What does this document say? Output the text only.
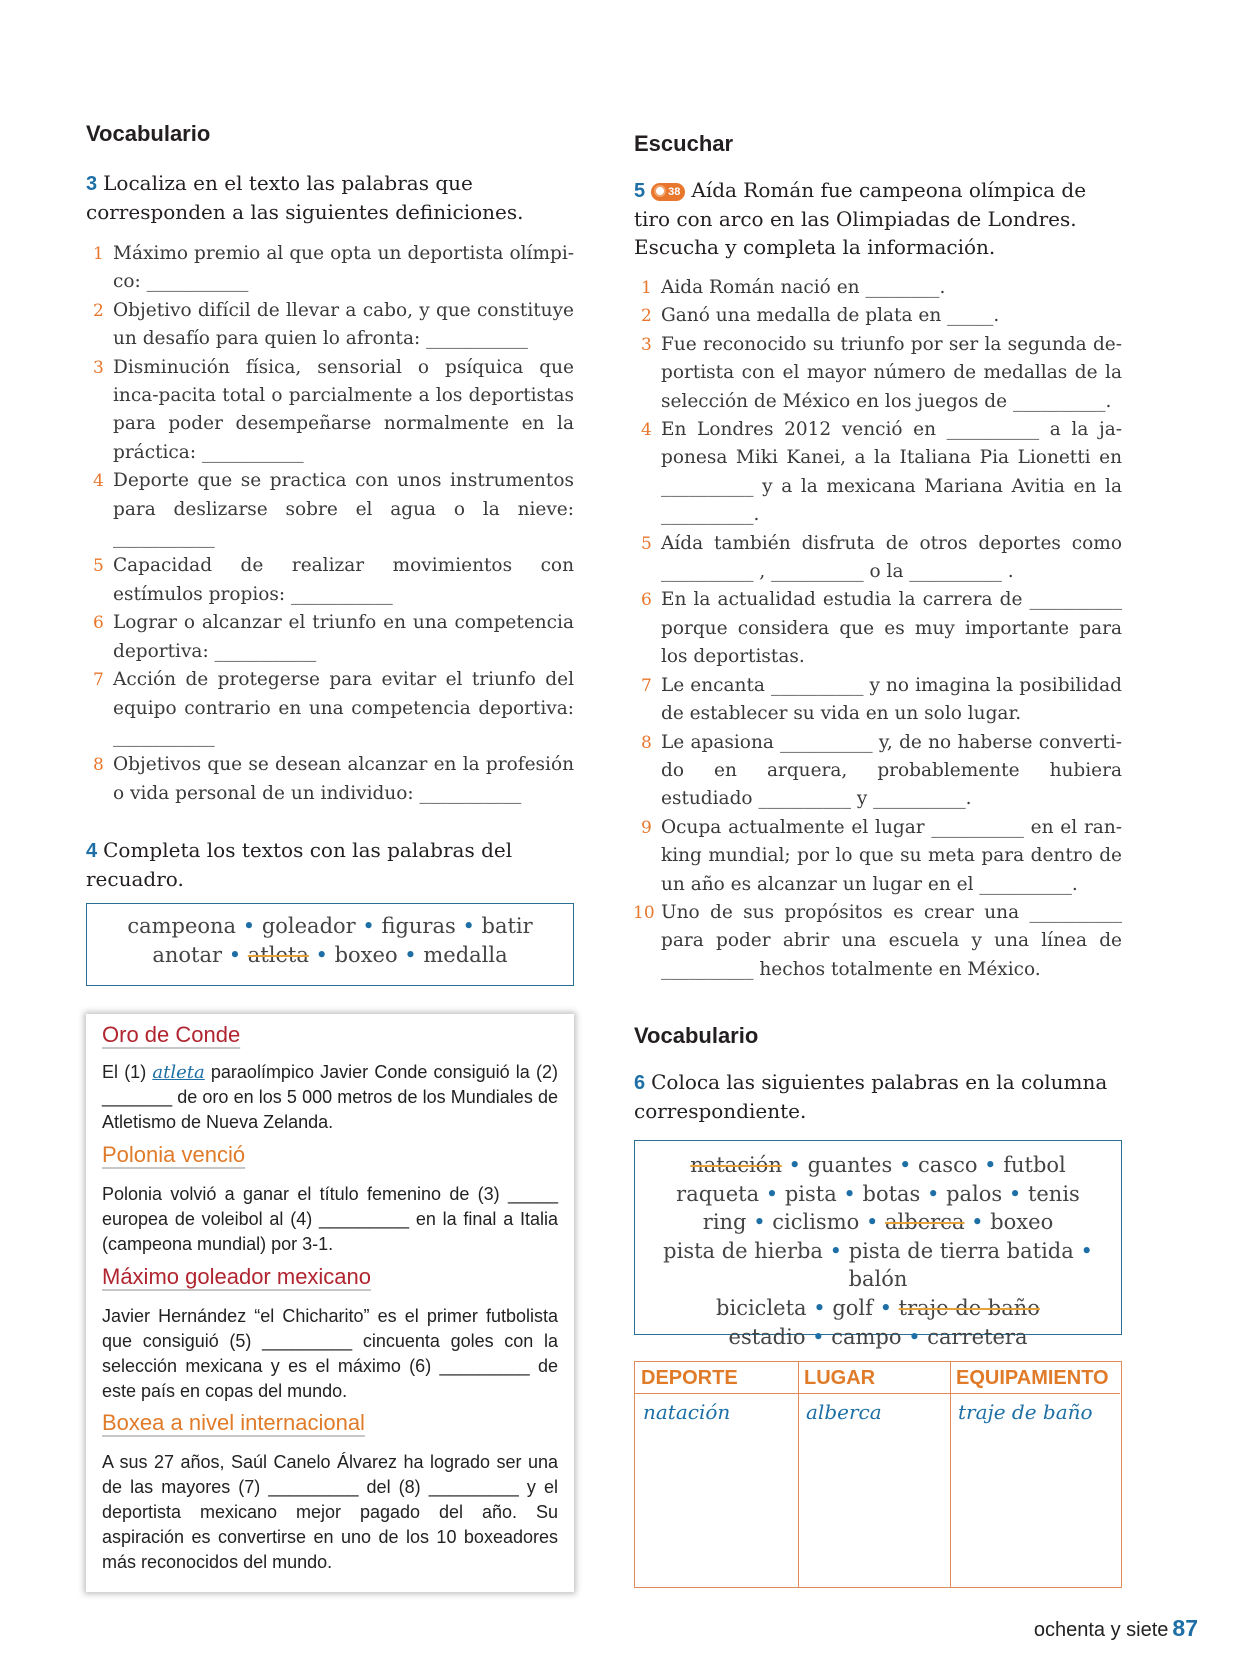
Vocabulario

3 Localiza en el texto las palabras que corresponden a las siguientes definiciones.

1 Máximo premio al que opta un deportista olímpi-co: ___________
2 Objetivo difícil de llevar a cabo, y que constituye un desafío para quien lo afronta: ___________
3 Disminución física, sensorial o psíquica que inca-pacita total o parcialmente a los deportistas para poder desempeñarse normalmente en la práctica: ___________
4 Deporte que se practica con unos instrumentos para deslizarse sobre el agua o la nieve: ___________
5 Capacidad de realizar movimientos con estímulos propios: ___________
6 Lograr o alcanzar el triunfo en una competencia deportiva: ___________
7 Acción de protegerse para evitar el triunfo del equipo contrario en una competencia deportiva: ___________
8 Objetivos que se desean alcanzar en la profesión o vida personal de un individuo: ___________

4 Completa los textos con las palabras del recuadro.

campeona • goleador • figuras • batir
anotar • atleta • boxeo • medalla
Oro de Conde

El (1) atleta paraolímpico Javier Conde consiguió la (2) _______ de oro en los 5 000 metros de los Mundiales de Atletismo de Nueva Zelanda.

Polonia venció

Polonia volvió a ganar el título femenino de (3) _____ europea de voleibol al (4) _________ en la final a Italia (campeona mundial) por 3-1.

Máximo goleador mexicano

Javier Hernández “el Chicharito” es el primer futbolista que consiguió (5) _________ cincuenta goles con la selección mexicana y es el máximo (6) _________ de este país en copas del mundo.

Boxea a nivel internacional

A sus 27 años, Saúl Canelo Álvarez ha logrado ser una de las mayores (7) _________ del (8) _________ y el deportista mexicano mejor pagado del año. Su aspiración es convertirse en uno de los 10 boxeadores más reconocidos del mundo.

Escuchar

5 38 Aída Román fue campeona olímpica de tiro con arco en las Olimpiadas de Londres. Escucha y completa la información.

1 Aida Román nació en ________.
2 Ganó una medalla de plata en _____.
3 Fue reconocido su triunfo por ser la segunda de-portista con el mayor número de medallas de la selección de México en los juegos de __________.
4 En Londres 2012 venció en __________ a la ja-ponesa Miki Kanei, a la Italiana Pia Lionetti en __________ y a la mexicana Mariana Avitia en la __________.
5 Aída también disfruta de otros deportes como __________ , __________ o la __________ .
6 En la actualidad estudia la carrera de __________ porque considera que es muy importante para los deportistas.
7 Le encanta __________ y no imagina la posibilidad de establecer su vida en un solo lugar.
8 Le apasiona __________ y, de no haberse converti-do en arquera, probablemente hubiera estudiado __________ y __________.
9 Ocupa actualmente el lugar __________ en el ran-king mundial; por lo que su meta para dentro de un año es alcanzar un lugar en el __________.
10 Uno de sus propósitos es crear una __________ para poder abrir una escuela y una línea de __________ hechos totalmente en México.
Vocabulario

6 Coloca las siguientes palabras en la columna correspondiente.

natación • guantes • casco • futbol
raqueta • pista • botas • palos • tenis
ring • ciclismo • alberca • boxeo
pista de hierba • pista de tierra batida • balón
bicicleta • golf • traje de baño
estadio • campo • carretera
DEPORTE	LUGAR	EQUIPAMIENTO
natación	alberca	traje de baño
ochenta y siete 87
